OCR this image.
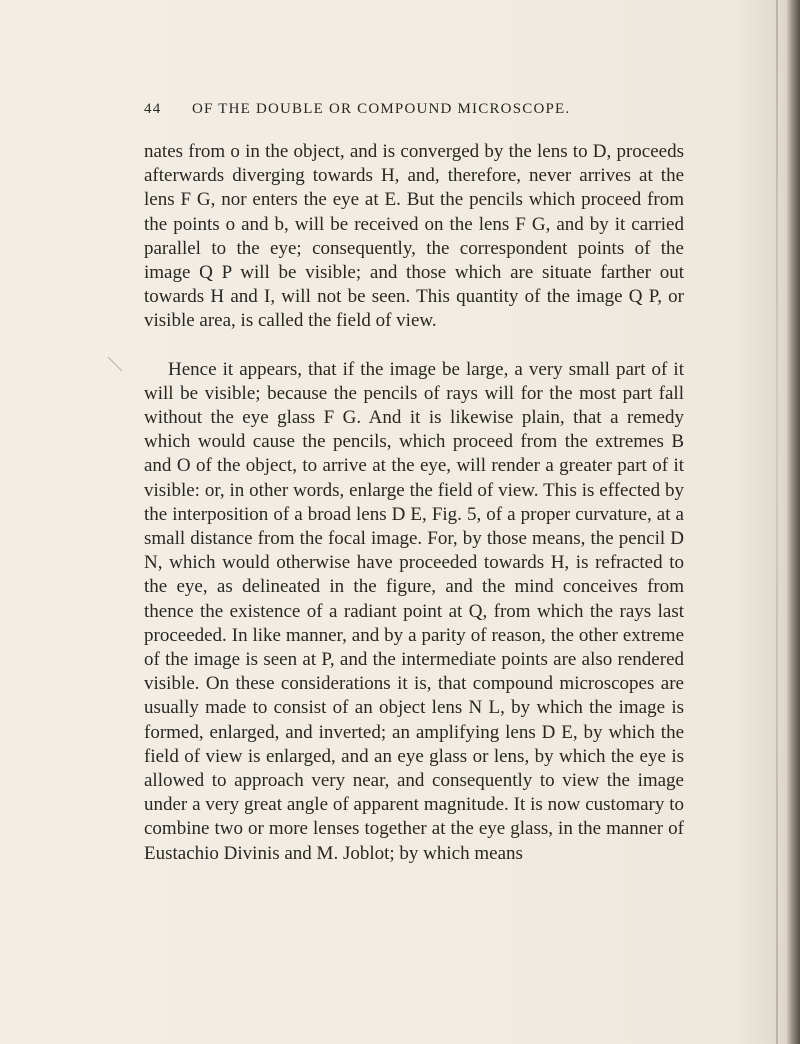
44 OF THE DOUBLE OR COMPOUND MICROSCOPE.

nates from o in the object, and is converged by the lens to D, proceeds afterwards diverging towards H, and, therefore, never arrives at the lens F G, nor enters the eye at E. But the pencils which proceed from the points o and b, will be received on the lens F G, and by it carried parallel to the eye; consequently, the correspondent points of the image Q P will be visible; and those which are situate farther out towards H and I, will not be seen. This quantity of the image Q P, or visible area, is called the field of view.

Hence it appears, that if the image be large, a very small part of it will be visible; because the pencils of rays will for the most part fall without the eye glass F G. And it is likewise plain, that a remedy which would cause the pencils, which proceed from the extremes B and O of the object, to arrive at the eye, will render a greater part of it visible: or, in other words, enlarge the field of view. This is effected by the interposition of a broad lens D E, Fig. 5, of a proper curvature, at a small distance from the focal image. For, by those means, the pencil D N, which would otherwise have proceeded towards H, is refracted to the eye, as delineated in the figure, and the mind conceives from thence the existence of a radiant point at Q, from which the rays last proceeded. In like manner, and by a parity of reason, the other extreme of the image is seen at P, and the intermediate points are also rendered visible. On these considerations it is, that compound microscopes are usually made to consist of an object lens N L, by which the image is formed, enlarged, and inverted; an amplifying lens D E, by which the field of view is enlarged, and an eye glass or lens, by which the eye is allowed to approach very near, and consequently to view the image under a very great angle of apparent magnitude. It is now customary to combine two or more lenses together at the eye glass, in the manner of Eustachio Divinis and M. Joblot; by which means
